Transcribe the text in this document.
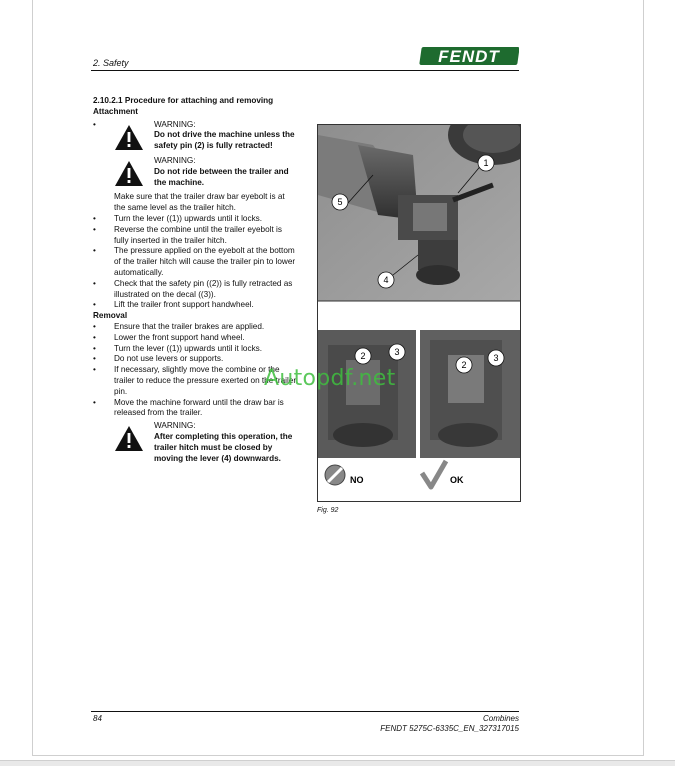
2. Safety	FENDT

2.10.2.1 Procedure for attaching and removing

Attachment

•	WARNING:
Do not drive the machine unless the safety pin (2) is fully retracted!
WARNING:
Do not ride between the trailer and the machine.

Make sure that the trailer draw bar eyebolt is at the same level as the trailer hitch.

• Turn the lever ((1)) upwards until it locks.
• Reverse the combine until the trailer eyebolt is fully inserted in the trailer hitch.
• The pressure applied on the eyebolt at the bottom of the trailer hitch will cause the trailer pin to lower automatically.
• Check that the safety pin ((2)) is fully retracted as illustrated on the decal ((3)).
• Lift the trailer front support handwheel.

Removal

• Ensure that the trailer brakes are applied.
• Lower the front support hand wheel.
• Turn the lever ((1)) upwards until it locks.
• Do not use levers or supports.
• If necessary, slightly move the combine or the trailer to reduce the pressure exerted on the trailer pin.
• Move the machine forward until the draw bar is released from the trailer.
WARNING:
After completing this operation, the trailer hitch must be closed by moving the lever (4) downwards.
1
5
4
2	3
2
3
NO	OK
Fig. 92
84	Combines
FENDT 5275C-6335C_EN_327317015
Autopdf.net
